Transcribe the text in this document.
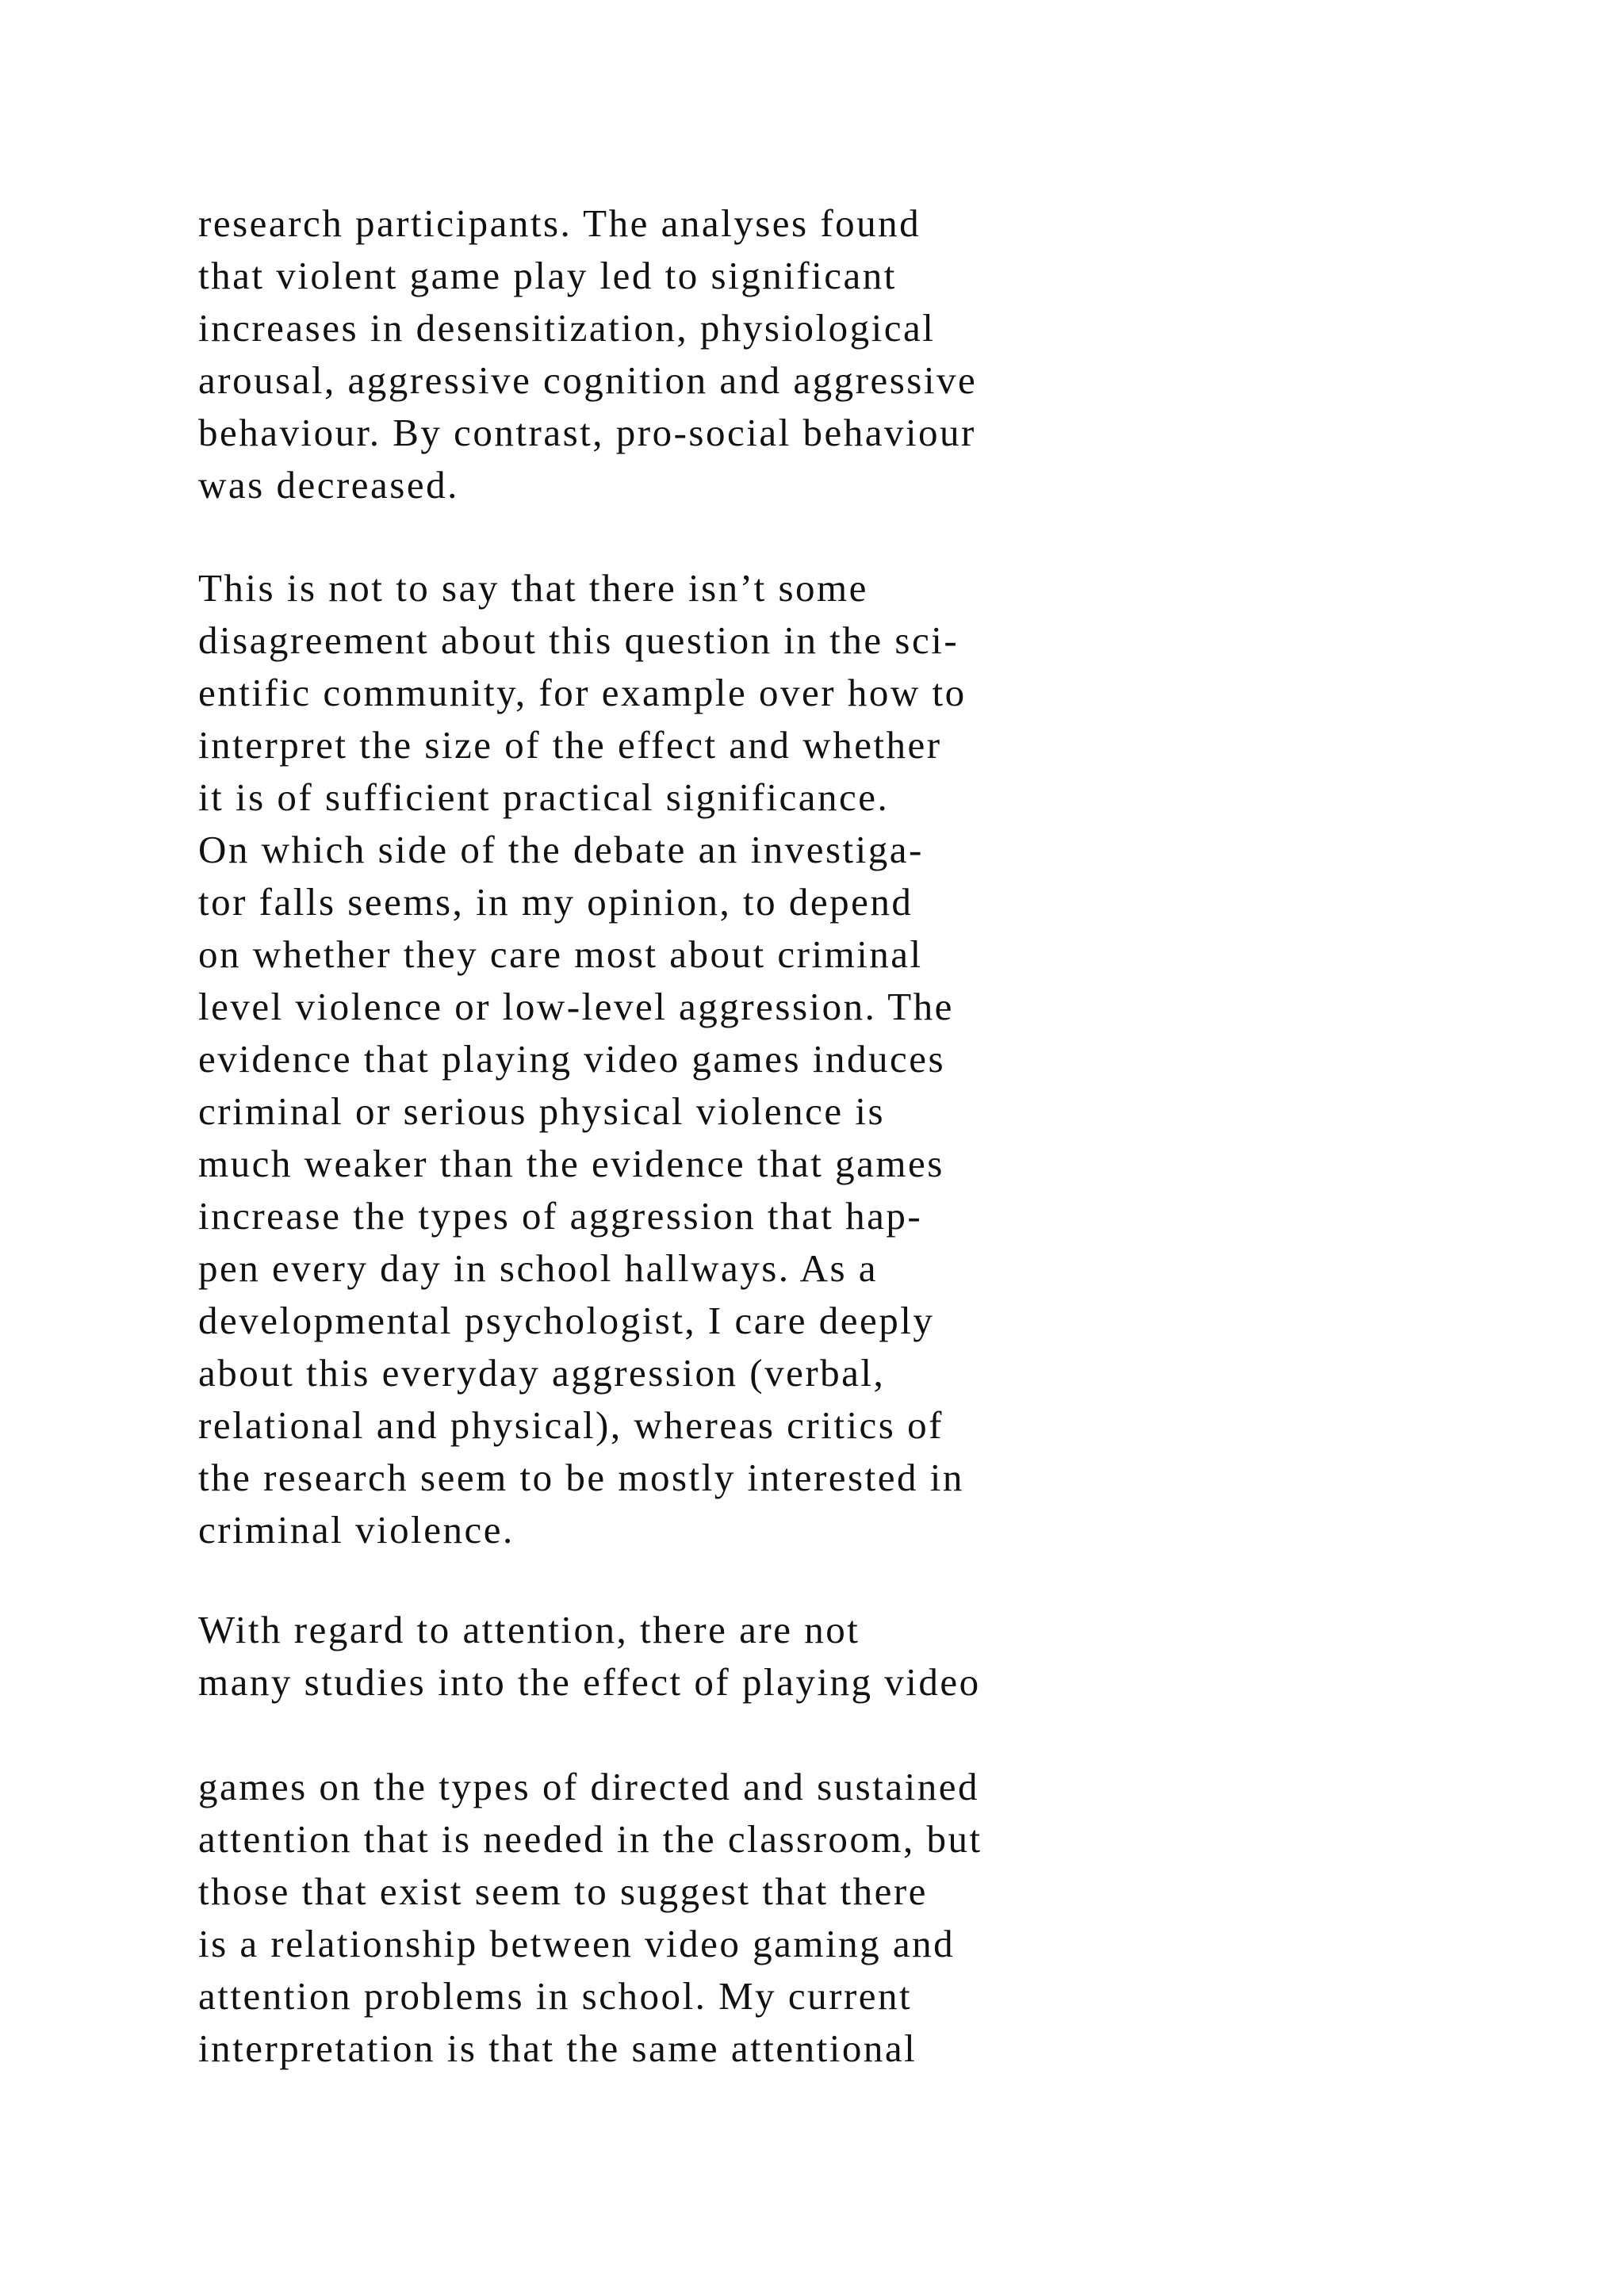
research participants. The analyses found
that violent game play led to significant
increases in desensitization, physiological
arousal, aggressive cognition and aggressive
behaviour. By contrast, pro-social behaviour
was decreased.

This is not to say that there isn’t some
disagreement about this question in the sci-
entific community, for example over how to
interpret the size of the effect and whether
it is of sufficient practical significance.
On which side of the debate an investiga-
tor falls seems, in my opinion, to depend
on whether they care most about criminal
level violence or low-level aggression. The
evidence that playing video games induces
criminal or serious physical violence is
much weaker than the evidence that games
increase the types of aggression that hap-
pen every day in school hallways. As a
developmental psychologist, I care deeply
about this everyday aggression (verbal,
relational and physical), whereas critics of
the research seem to be mostly interested in
criminal violence.

With regard to attention, there are not
many studies into the effect of playing video

games on the types of directed and sustained
attention that is needed in the classroom, but
those that exist seem to suggest that there
is a relationship between video gaming and
attention problems in school. My current
interpretation is that the same attentional
